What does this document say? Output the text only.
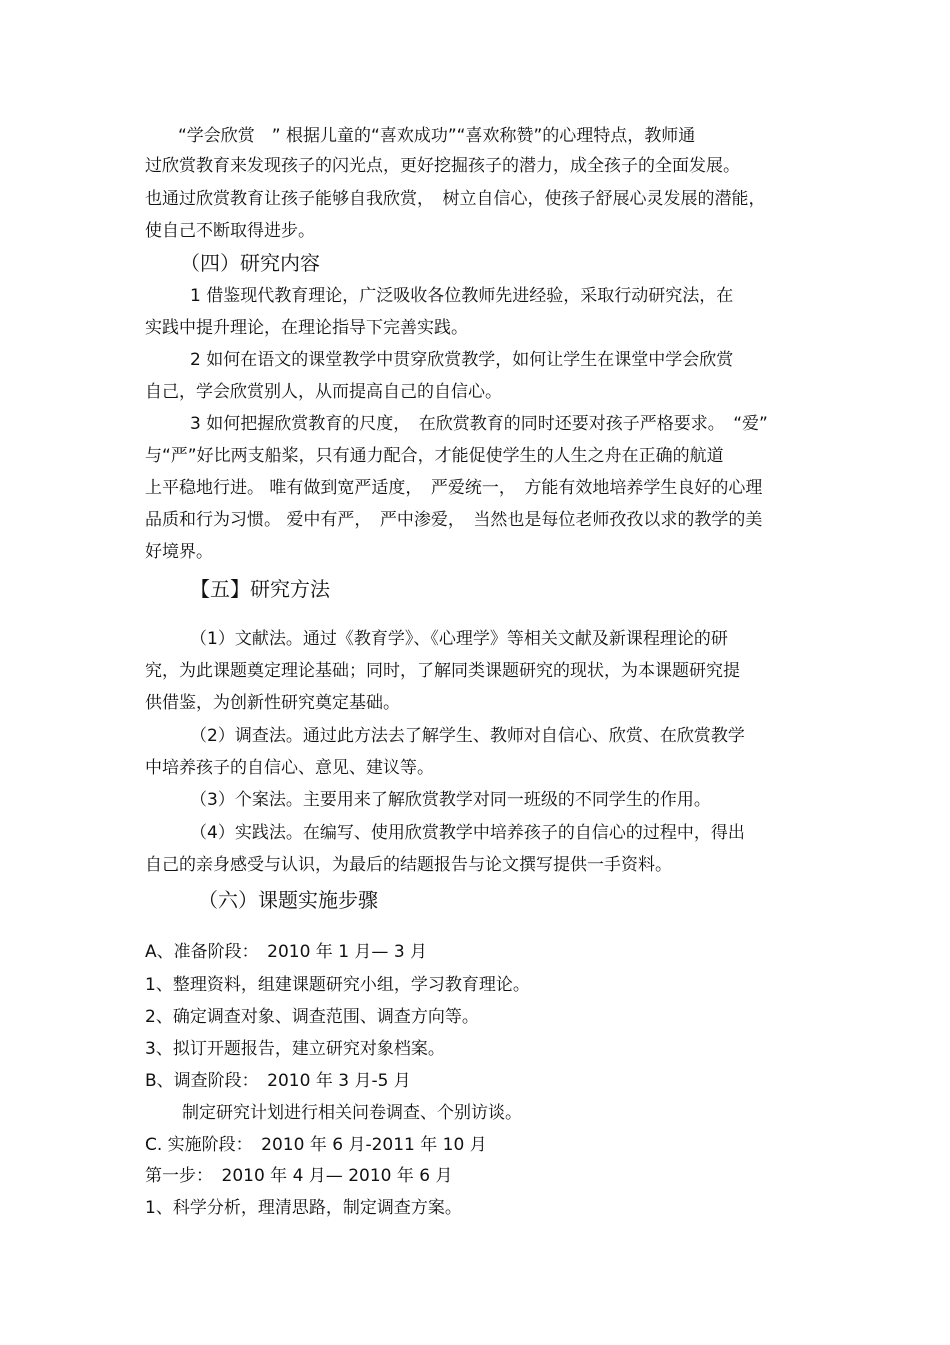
“学会欣赏　” 根据儿童的“喜欢成功”“喜欢称赞”的心理特点，教师通
过欣赏教育来发现孩子的闪光点，更好挖掘孩子的潜力，成全孩子的全面发展。
也通过欣赏教育让孩子能够自我欣赏，　树立自信心，使孩子舒展心灵发展的潜能，
使自己不断取得进步。
（四）研究内容
1 借鉴现代教育理论，广泛吸收各位教师先进经验，采取行动研究法，在
实践中提升理论，在理论指导下完善实践。
2 如何在语文的课堂教学中贯穿欣赏教学，如何让学生在课堂中学会欣赏
自己，学会欣赏别人，从而提高自己的自信心。
3 如何把握欣赏教育的尺度，　在欣赏教育的同时还要对孩子严格要求。　“爱”
与“严”好比两支船桨，只有通力配合，才能促使学生的人生之舟在正确的航道
上平稳地行进。 唯有做到宽严适度，　严爱统一，　方能有效地培养学生良好的心理
品质和行为习惯。 爱中有严，　严中渗爱，　当然也是每位老师孜孜以求的教学的美
好境界。
【五】研究方法
（1）文献法。通过《教育学》、《心理学》等相关文献及新课程理论的研
究，为此课题奠定理论基础；同时，了解同类课题研究的现状，为本课题研究提
供借鉴，为创新性研究奠定基础。
（2）调查法。通过此方法去了解学生、教师对自信心、欣赏、在欣赏教学
中培养孩子的自信心、意见、建议等。
（3）个案法。主要用来了解欣赏教学对同一班级的不同学生的作用。
（4）实践法。在编写、使用欣赏教学中培养孩子的自信心的过程中，得出
自己的亲身感受与认识，为最后的结题报告与论文撰写提供一手资料。
（六）课题实施步骤
A、准备阶段：　2010 年 1 月— 3 月
1、整理资料，组建课题研究小组，学习教育理论。
2、确定调查对象、调查范围、调查方向等。
3、拟订开题报告，建立研究对象档案。
B、调查阶段：　2010 年 3 月-5 月
制定研究计划进行相关问卷调查、个别访谈。
C. 实施阶段：　2010 年 6 月-2011 年 10 月
第一步：　2010 年 4 月— 2010 年 6 月
1、科学分析，理清思路，制定调查方案。
